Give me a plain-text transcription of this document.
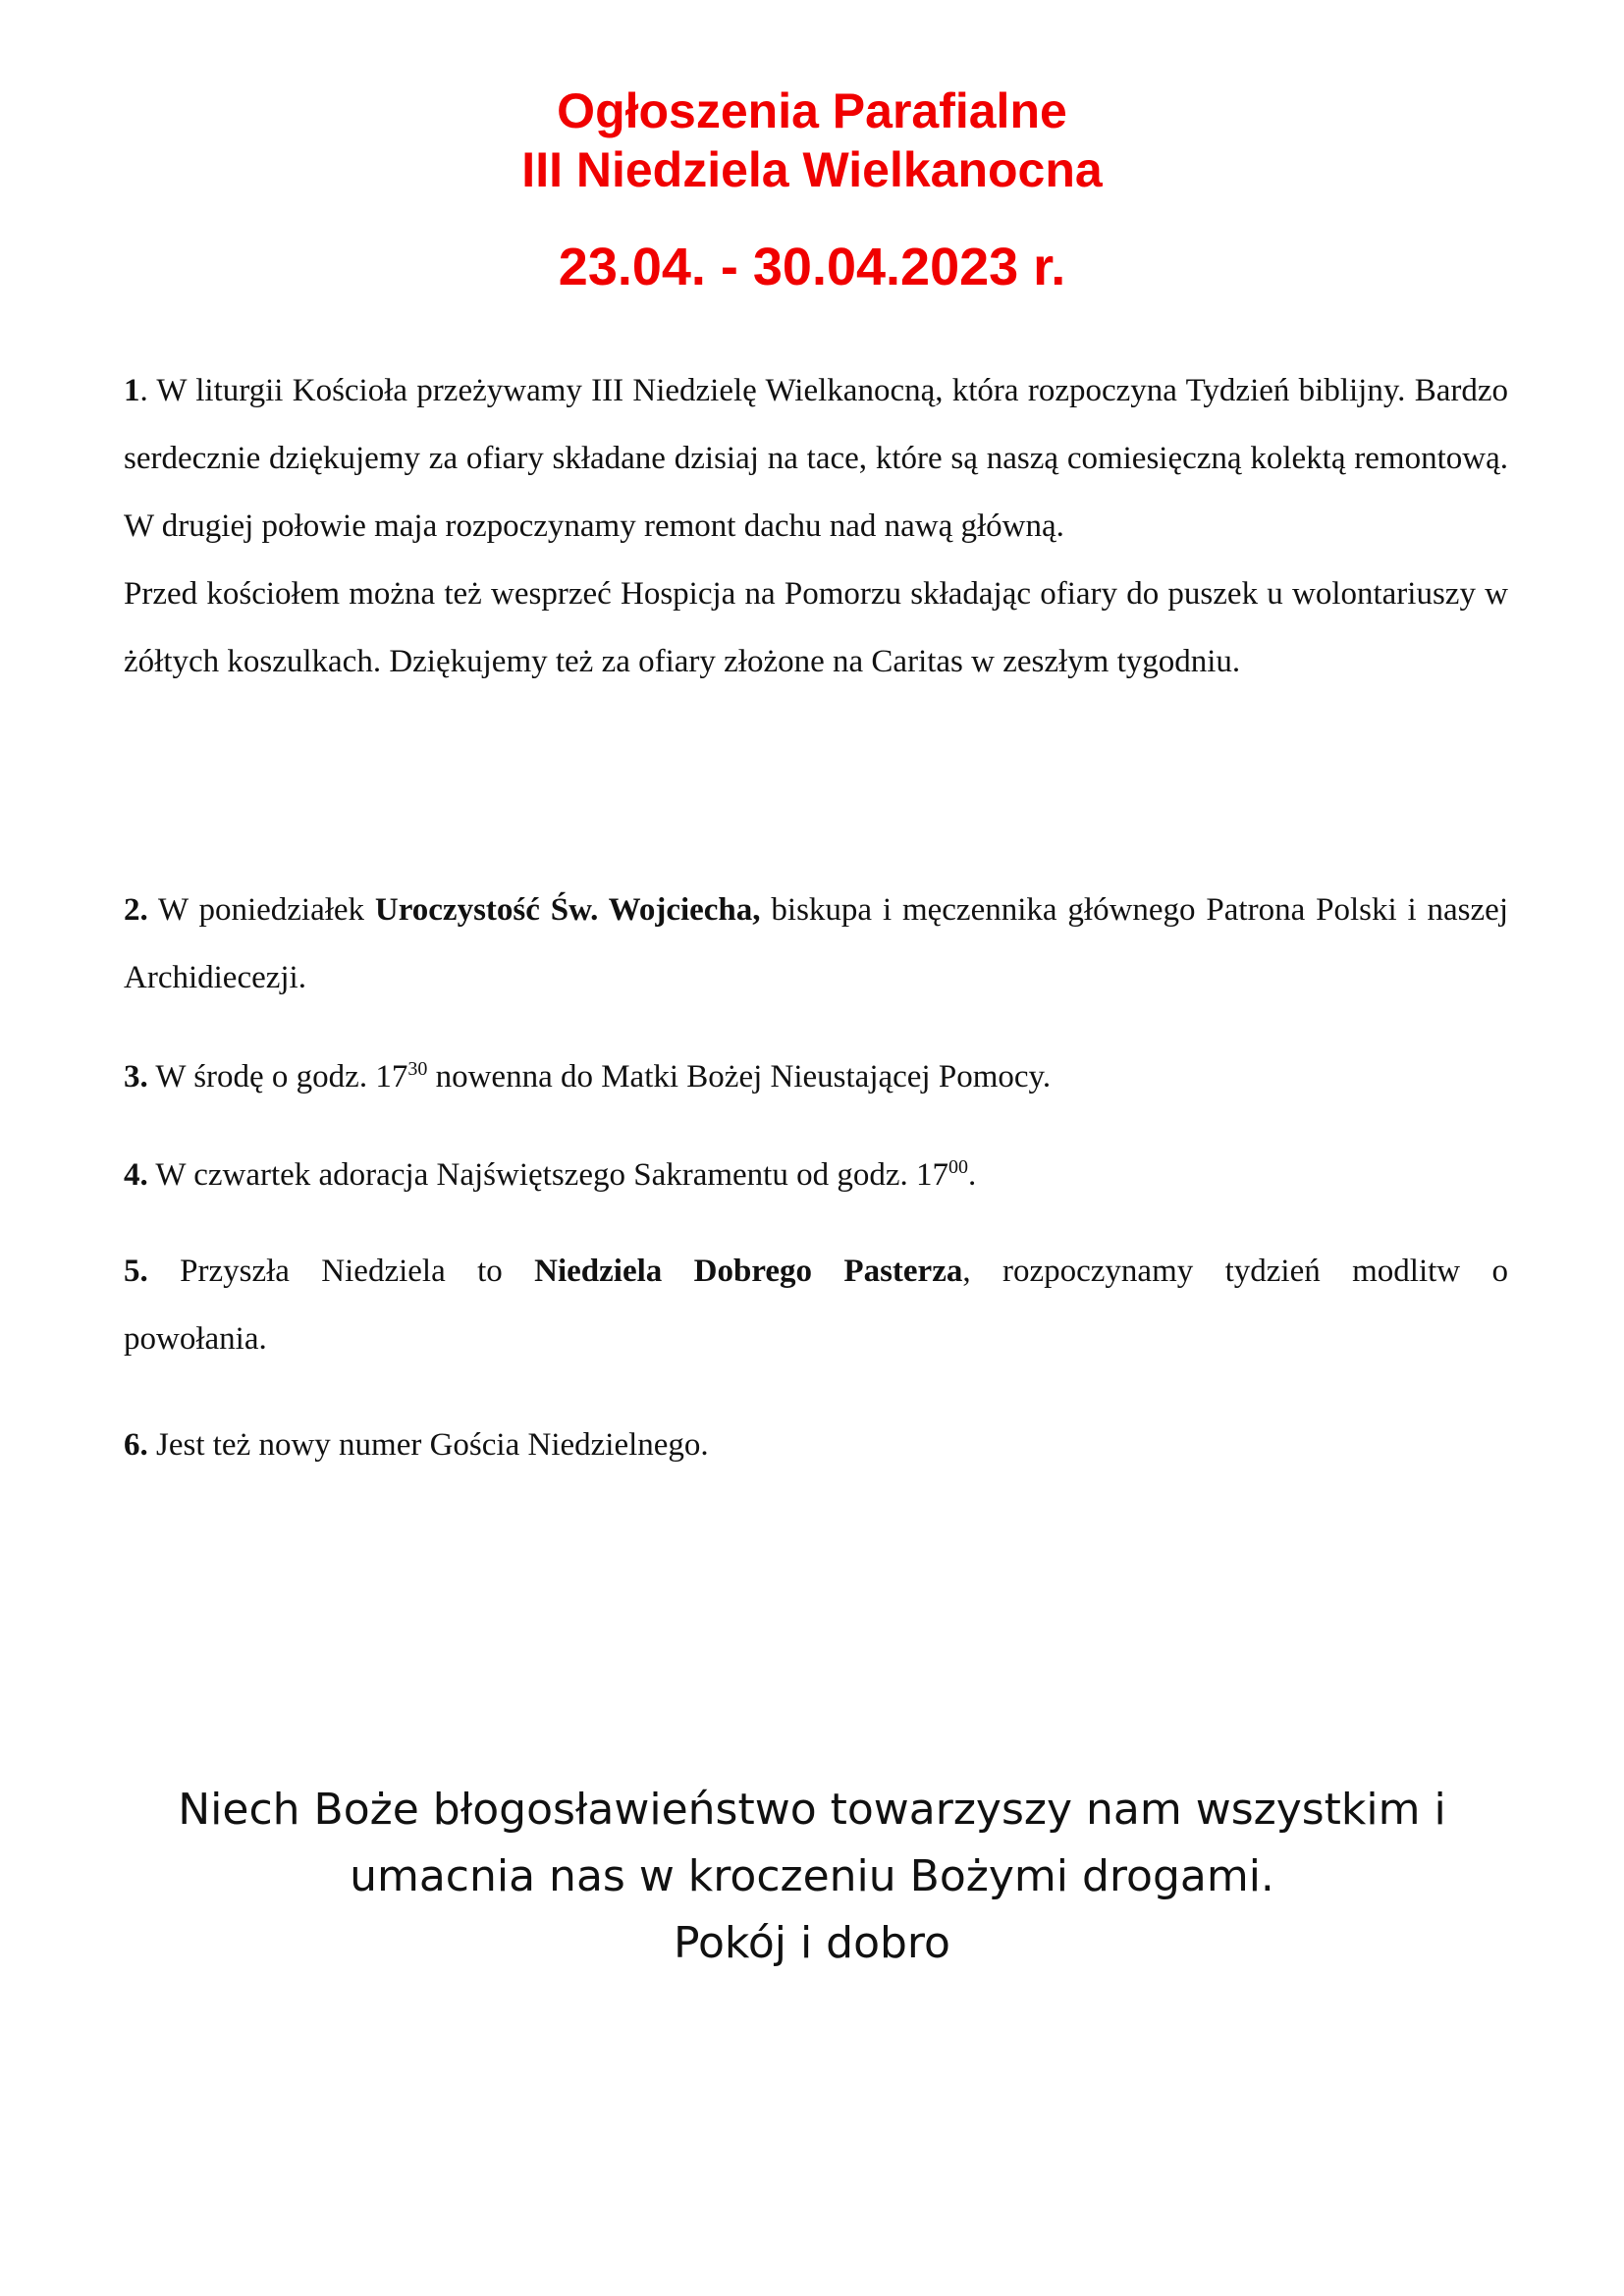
Ogłoszenia Parafialne
III Niedziela Wielkanocna
23.04. - 30.04.2023 r.

1. W liturgii Kościoła przeżywamy III Niedzielę Wielkanocną, która rozpoczyna Tydzień biblijny. Bardzo serdecznie dziękujemy za ofiary składane dzisiaj na tace, które są naszą comiesięczną kolektą remontową. W drugiej połowie maja rozpoczynamy remont dachu nad nawą główną.

Przed kościołem można też wesprzeć Hospicja na Pomorzu składając ofiary do puszek u wolontariuszy w żółtych koszulkach. Dziękujemy też za ofiary złożone na Caritas w zeszłym tygodniu.

2. W poniedziałek Uroczystość Św. Wojciecha, biskupa i męczennika głównego Patrona Polski i naszej Archidiecezji.

3. W środę o godz. $17^{30}$ nowenna do Matki Bożej Nieustającej Pomocy.

4. W czwartek adoracja Najświętszego Sakramentu od godz. $17^{00}$.

5. Przyszła Niedziela to Niedziela Dobrego Pasterza, rozpoczynamy tydzień modlitw o

powołania.

6. Jest też nowy numer Gościa Niedzielnego.

Niech Boże błogosławieństwo towarzyszy nam wszystkim i
umacnia nas w kroczeniu Bożymi drogami.
Pokój i dobro
